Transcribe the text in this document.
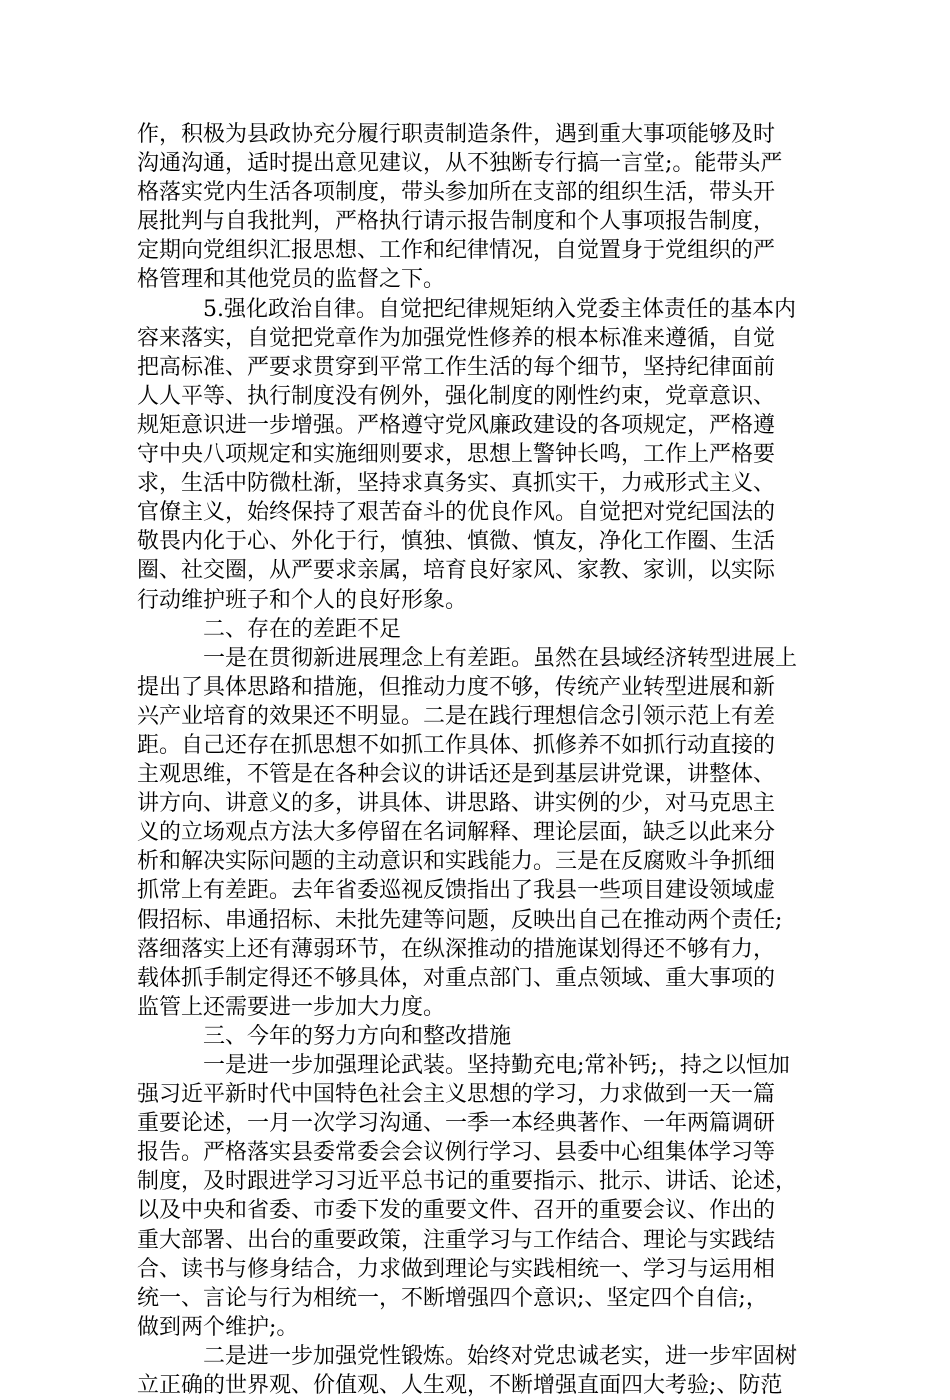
作，积极为县政协充分履行职责制造条件，遇到重大事项能够及时
沟通沟通，适时提出意见建议，从不独断专行搞一言堂;。能带头严
格落实党内生活各项制度，带头参加所在支部的组织生活，带头开
展批判与自我批判，严格执行请示报告制度和个人事项报告制度，
定期向党组织汇报思想、工作和纪律情况，自觉置身于党组织的严
格管理和其他党员的监督之下。
5.强化政治自律。自觉把纪律规矩纳入党委主体责任的基本内
容来落实，自觉把党章作为加强党性修养的根本标准来遵循，自觉
把高标准、严要求贯穿到平常工作生活的每个细节，坚持纪律面前
人人平等、执行制度没有例外，强化制度的刚性约束，党章意识、
规矩意识进一步增强。严格遵守党风廉政建设的各项规定，严格遵
守中央八项规定和实施细则要求，思想上警钟长鸣，工作上严格要
求，生活中防微杜渐，坚持求真务实、真抓实干，力戒形式主义、
官僚主义，始终保持了艰苦奋斗的优良作风。自觉把对党纪国法的
敬畏内化于心、外化于行，慎独、慎微、慎友，净化工作圈、生活
圈、社交圈，从严要求亲属，培育良好家风、家教、家训，以实际
行动维护班子和个人的良好形象。
二、存在的差距不足
一是在贯彻新进展理念上有差距。虽然在县域经济转型进展上
提出了具体思路和措施，但推动力度不够，传统产业转型进展和新
兴产业培育的效果还不明显。二是在践行理想信念引领示范上有差
距。自己还存在抓思想不如抓工作具体、抓修养不如抓行动直接的
主观思维，不管是在各种会议的讲话还是到基层讲党课，讲整体、
讲方向、讲意义的多，讲具体、讲思路、讲实例的少，对马克思主
义的立场观点方法大多停留在名词解释、理论层面，缺乏以此来分
析和解决实际问题的主动意识和实践能力。三是在反腐败斗争抓细
抓常上有差距。去年省委巡视反馈指出了我县一些项目建设领域虚
假招标、串通招标、未批先建等问题，反映出自己在推动两个责任;
落细落实上还有薄弱环节，在纵深推动的措施谋划得还不够有力，
载体抓手制定得还不够具体，对重点部门、重点领域、重大事项的
监管上还需要进一步加大力度。
三、今年的努力方向和整改措施
一是进一步加强理论武装。坚持勤充电;常补钙;，持之以恒加
强习近平新时代中国特色社会主义思想的学习，力求做到一天一篇
重要论述，一月一次学习沟通、一季一本经典著作、一年两篇调研
报告。严格落实县委常委会会议例行学习、县委中心组集体学习等
制度，及时跟进学习习近平总书记的重要指示、批示、讲话、论述，
以及中央和省委、市委下发的重要文件、召开的重要会议、作出的
重大部署、出台的重要政策，注重学习与工作结合、理论与实践结
合、读书与修身结合，力求做到理论与实践相统一、学习与运用相
统一、言论与行为相统一，不断增强四个意识;、坚定四个自信;，
做到两个维护;。
二是进一步加强党性锻炼。始终对党忠诚老实，进一步牢固树
立正确的世界观、价值观、人生观，不断增强直面四大考验;、防范
